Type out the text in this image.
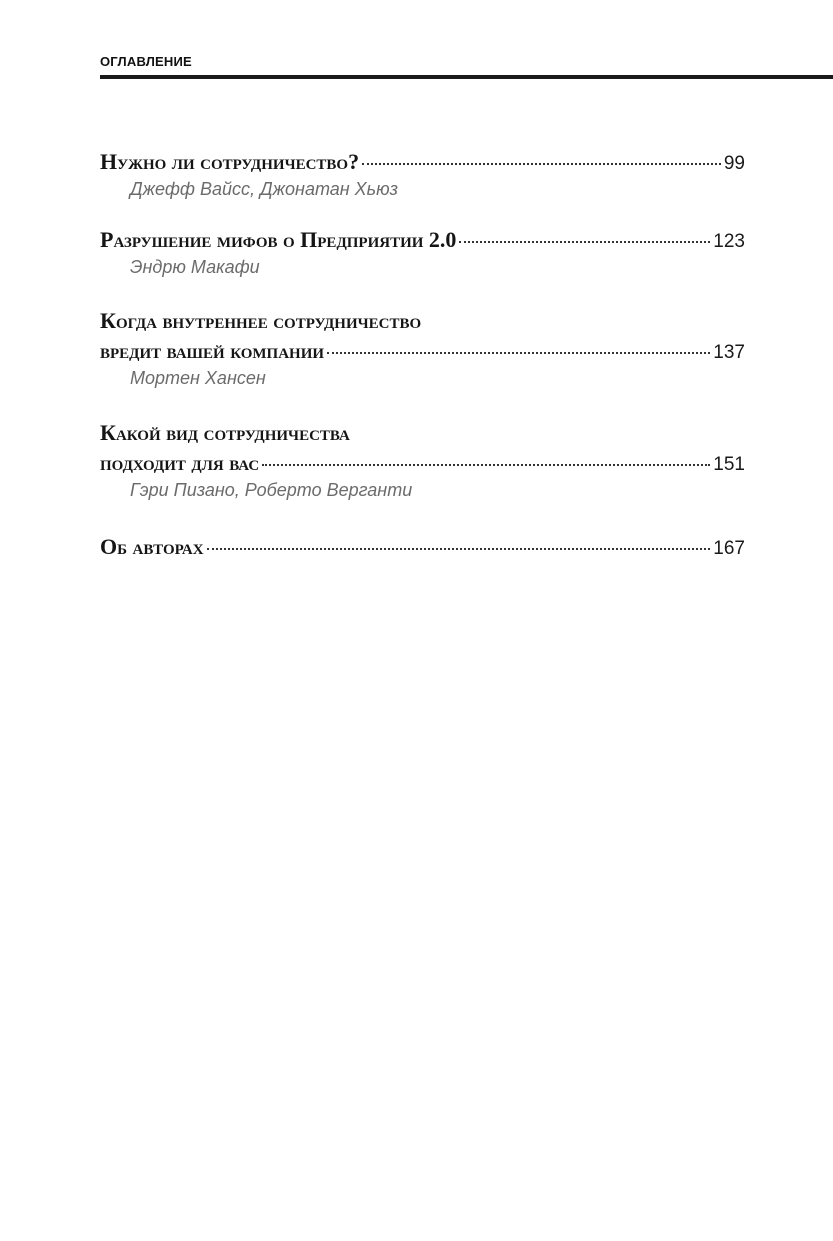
ОГЛАВЛЕНИЕ
Нужно ли сотрудничество?	99
Джефф Вайсс, Джонатан Хьюз
Разрушение мифов о Предприятии 2.0	123
Эндрю Макафи
Когда внутреннее сотрудничество
вредит вашей компании	137
Мортен Хансен
Какой вид сотрудничества
подходит для вас	151
Гэри Пизано, Роберто Верганти
Об авторах	167
